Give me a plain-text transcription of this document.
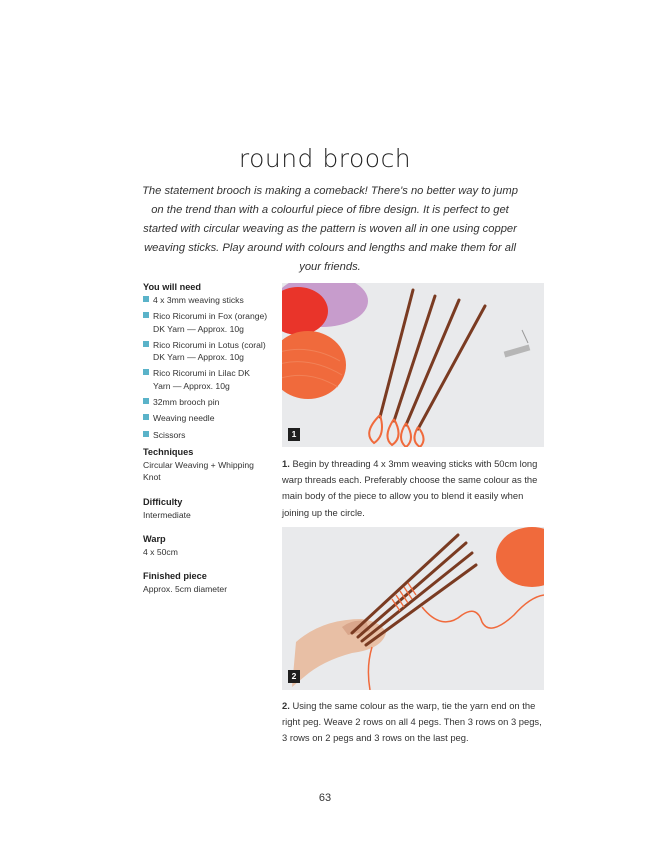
round brooch
The statement brooch is making a comeback! There's no better way to jump on the trend than with a colourful piece of fibre design. It is perfect to get started with circular weaving as the pattern is woven all in one using copper weaving sticks. Play around with colours and lengths and make them for all your friends.
You will need
4 x 3mm weaving sticks
Rico Ricorumi in Fox (orange) DK Yarn — Approx. 10g
Rico Ricorumi in Lotus (coral) DK Yarn — Approx. 10g
Rico Ricorumi in Lilac DK Yarn — Approx. 10g
32mm brooch pin
Weaving needle
Scissors
Techniques
Circular Weaving + Whipping Knot
Difficulty
Intermediate
Warp
4 x 50cm
Finished piece
Approx. 5cm diameter
1
1. Begin by threading 4 x 3mm weaving sticks with 50cm long warp threads each. Preferably choose the same colour as the main body of the piece to allow you to blend it easily when joining up the circle.
2
2. Using the same colour as the warp, tie the yarn end on the right peg. Weave 2 rows on all 4 pegs. Then 3 rows on 3 pegs, 3 rows on 2 pegs and 3 rows on the last peg.
63
